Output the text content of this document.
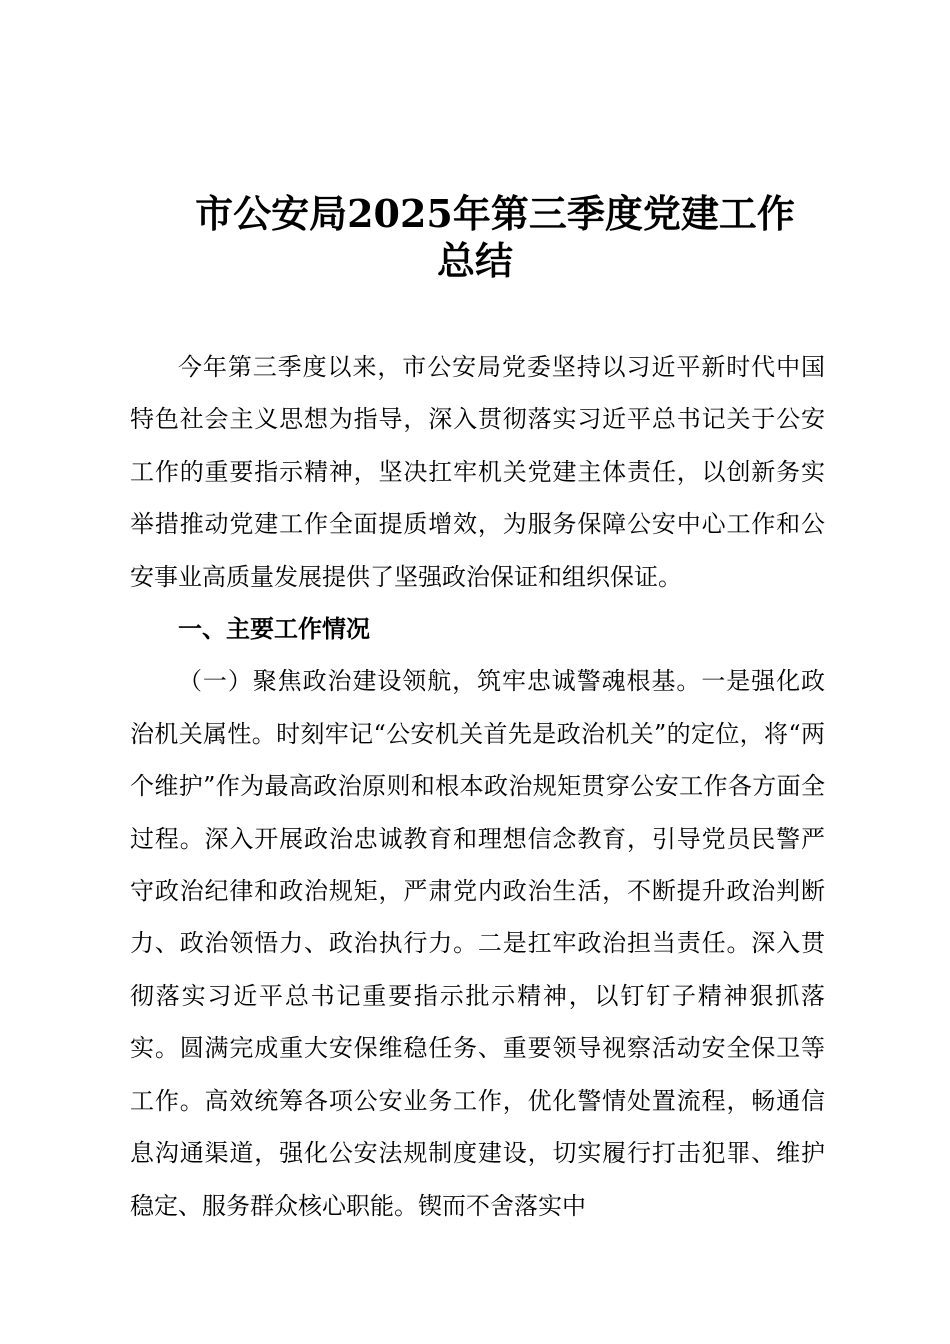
市公安局2025年第三季度党建工作
总结

今年第三季度以来，市公安局党委坚持以习近平新时代中国特色社会主义思想为指导，深入贯彻落实习近平总书记关于公安工作的重要指示精神，坚决扛牢机关党建主体责任，以创新务实举措推动党建工作全面提质增效，为服务保障公安中心工作和公安事业高质量发展提供了坚强政治保证和组织保证。

一、主要工作情况

（一）聚焦政治建设领航，筑牢忠诚警魂根基。一是强化政治机关属性。时刻牢记“公安机关首先是政治机关”的定位，将“两个维护”作为最高政治原则和根本政治规矩贯穿公安工作各方面全过程。深入开展政治忠诚教育和理想信念教育，引导党员民警严守政治纪律和政治规矩，严肃党内政治生活，不断提升政治判断力、政治领悟力、政治执行力。二是扛牢政治担当责任。深入贯彻落实习近平总书记重要指示批示精神，以钉钉子精神狠抓落实。圆满完成重大安保维稳任务、重要领导视察活动安全保卫等工作。高效统筹各项公安业务工作，优化警情处置流程，畅通信息沟通渠道，强化公安法规制度建设，切实履行打击犯罪、维护稳定、服务群众核心职能。锲而不舍落实中
